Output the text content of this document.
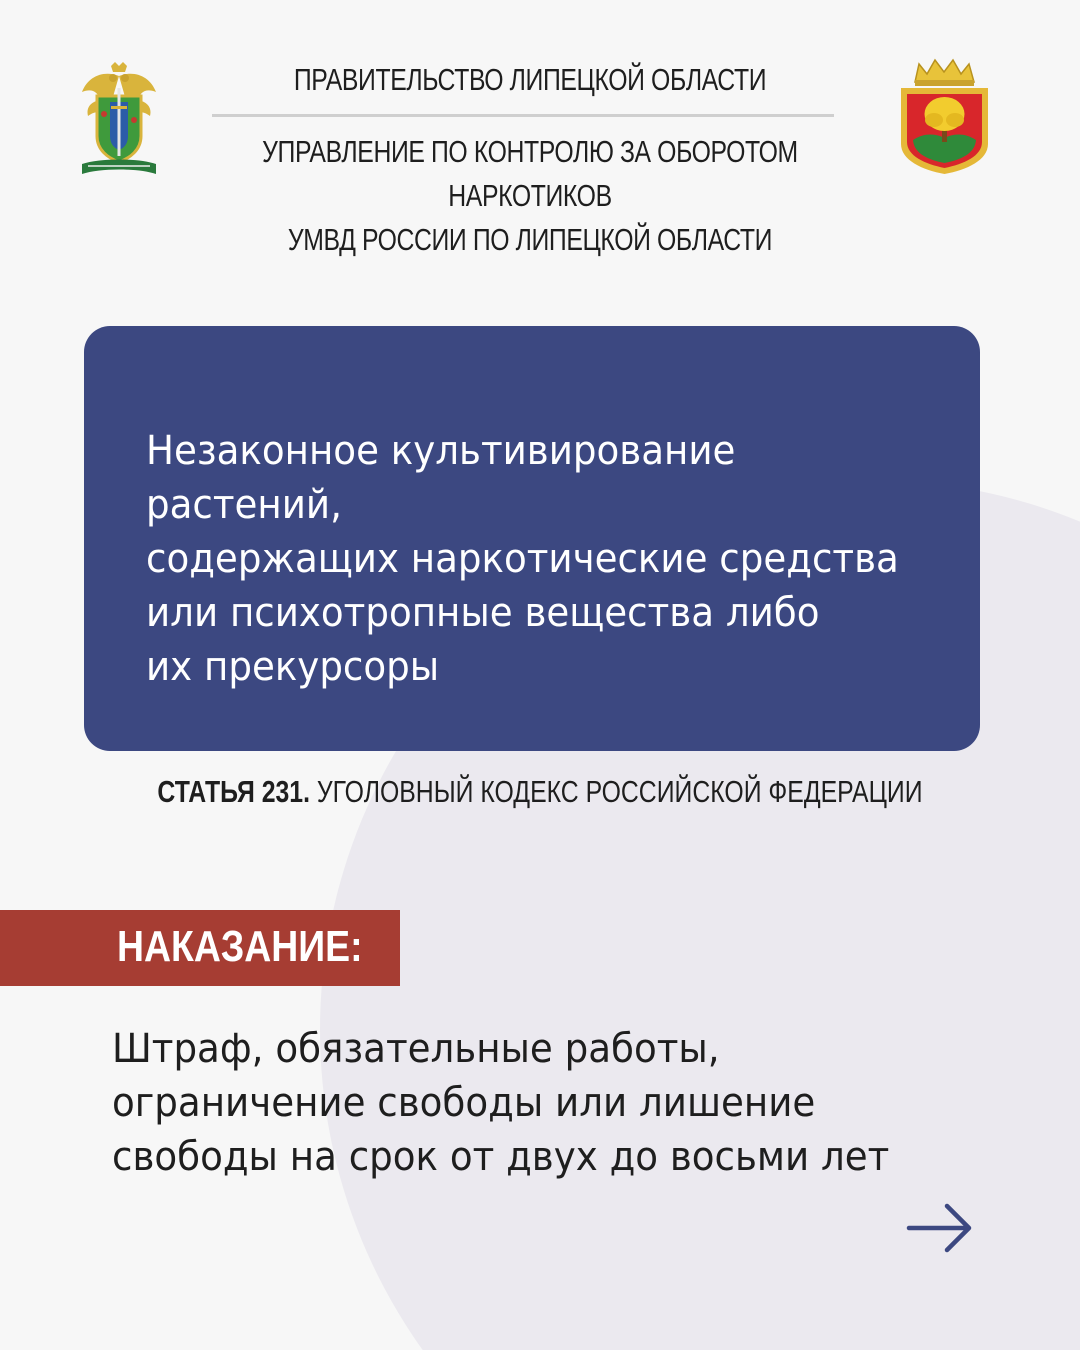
ПРАВИТЕЛЬСТВО ЛИПЕЦКОЙ ОБЛАСТИ
УПРАВЛЕНИЕ ПО КОНТРОЛЮ ЗА ОБОРОТОМ НАРКОТИКОВ
УМВД РОССИИ ПО ЛИПЕЦКОЙ ОБЛАСТИ

Незаконное культивирование растений,
содержащих наркотические средства
или психотропные вещества либо
их прекурсоры

СТАТЬЯ 231. УГОЛОВНЫЙ КОДЕКС РОССИЙСКОЙ ФЕДЕРАЦИИ
НАКАЗАНИЕ:

Штраф, обязательные работы,
ограничение свободы или лишение
свободы на срок от двух до восьми лет
